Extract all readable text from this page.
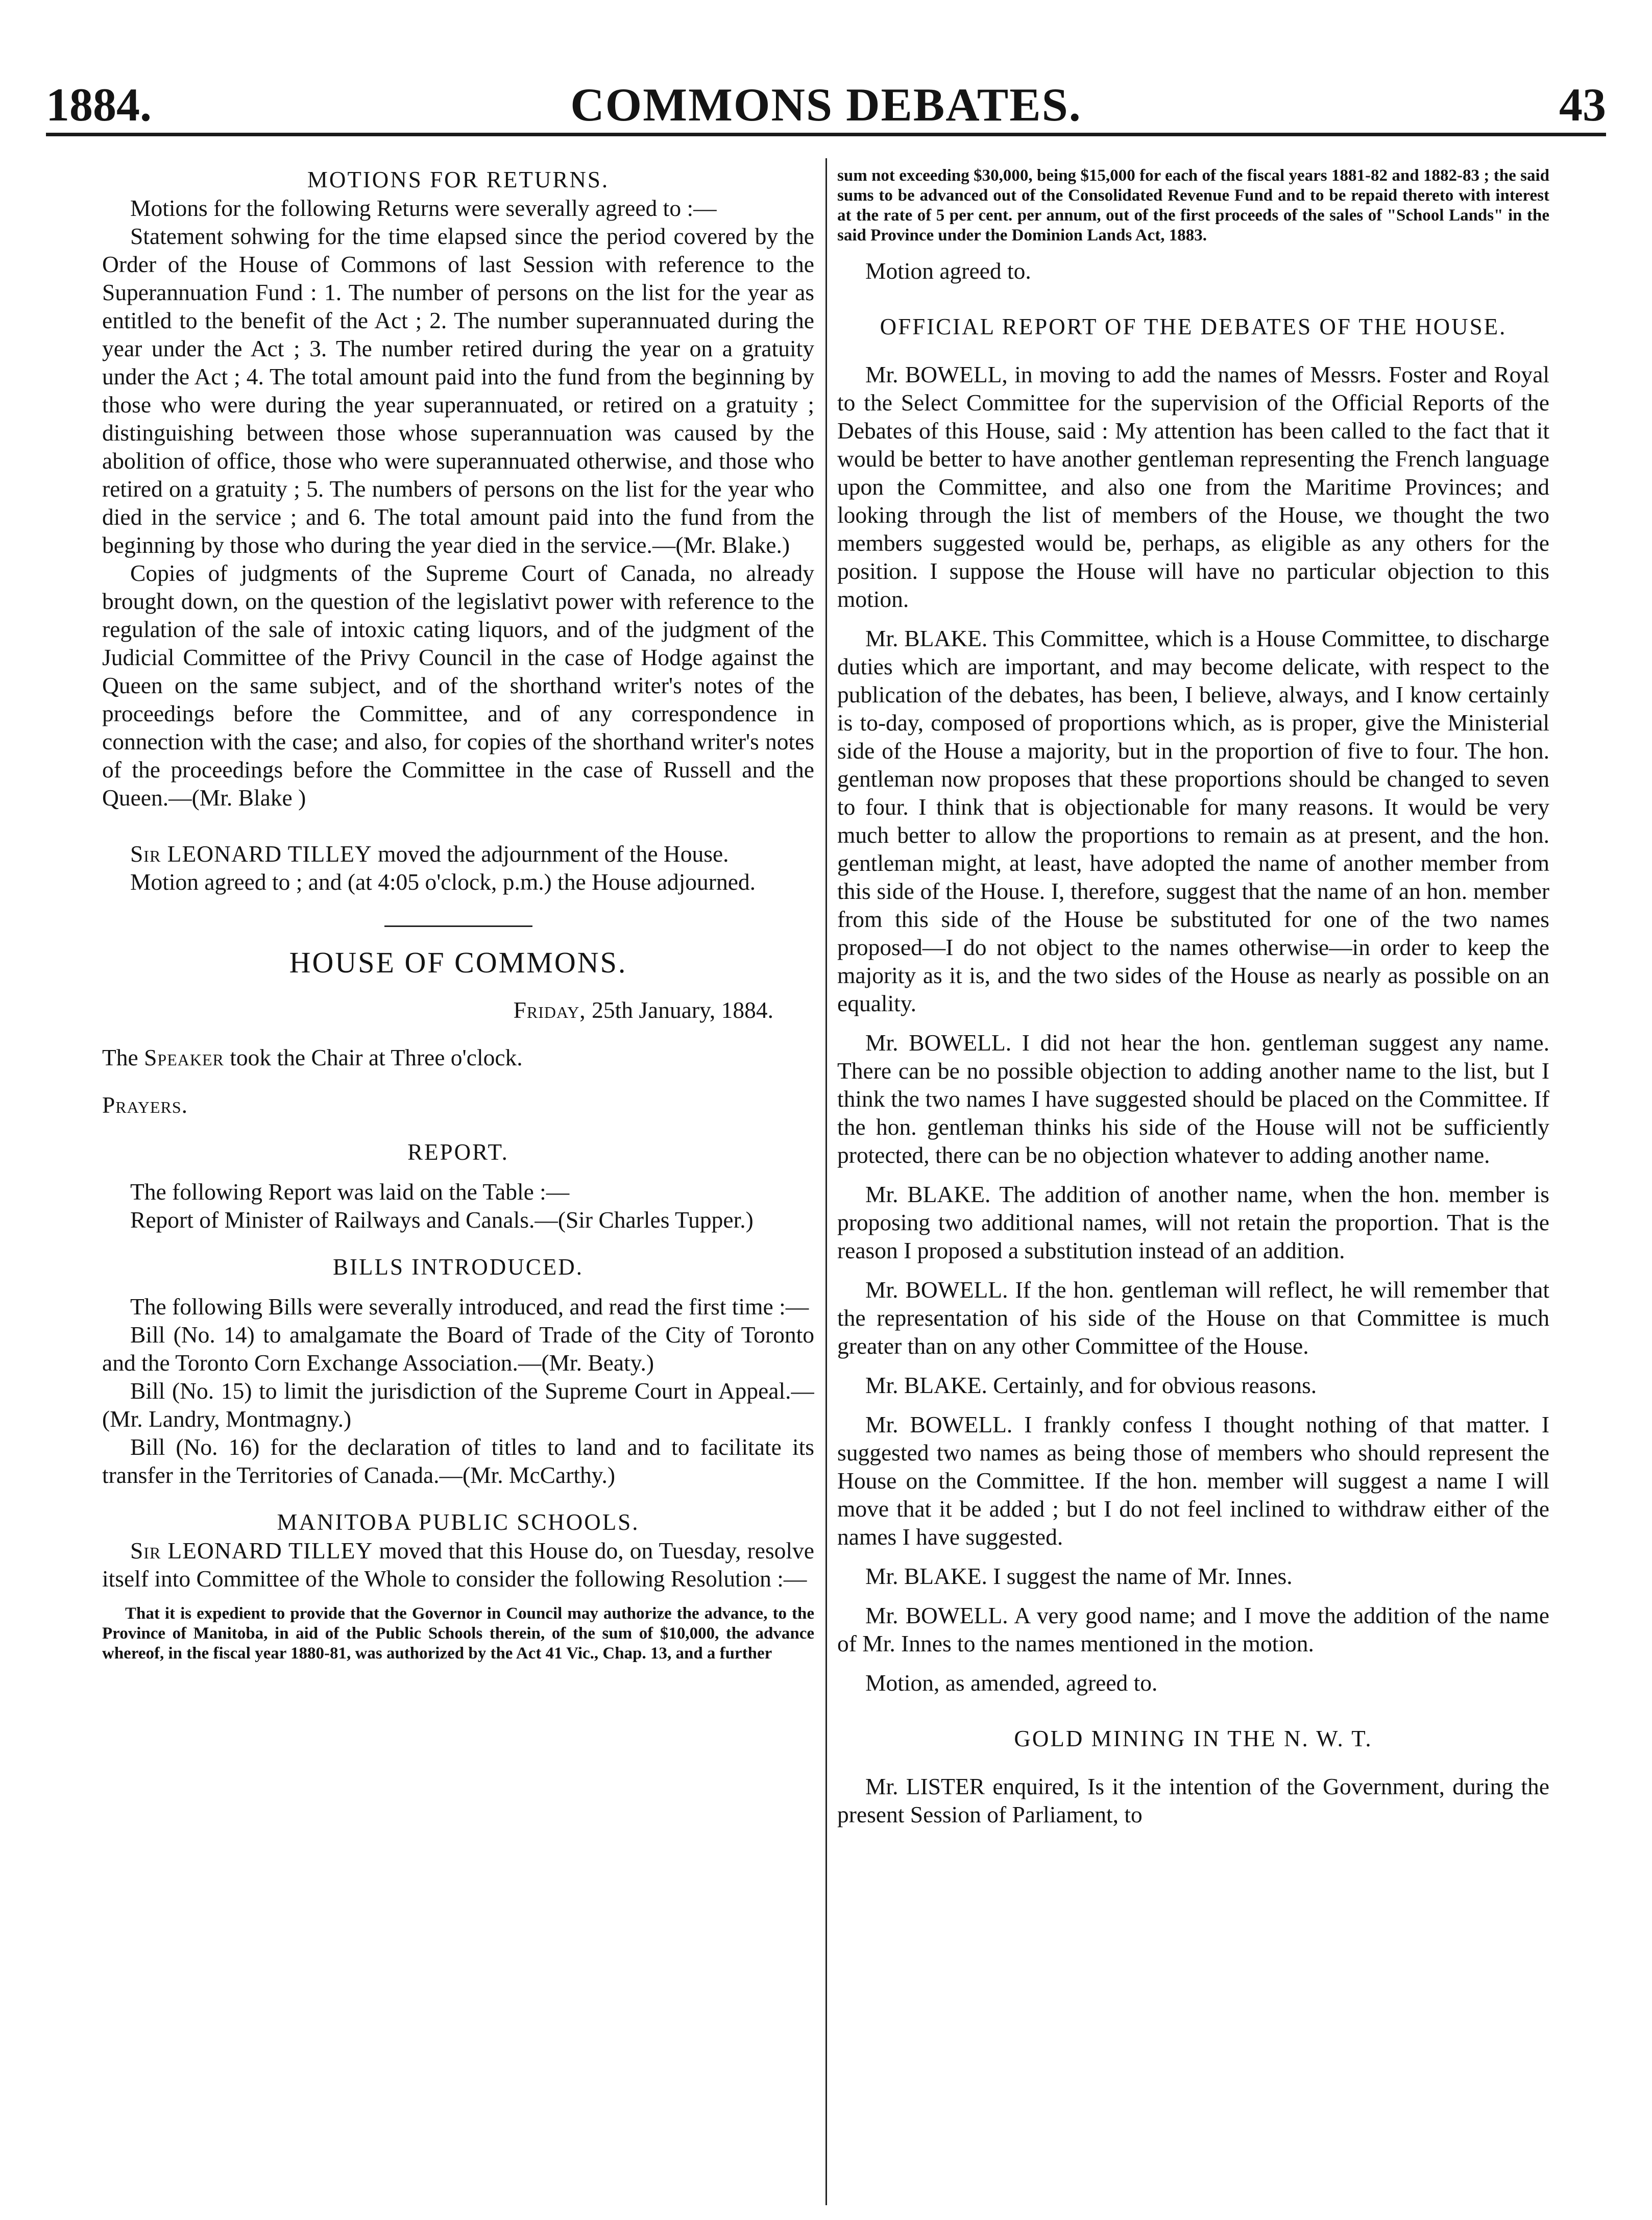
1884.	COMMONS DEBATES.	43

MOTIONS FOR RETURNS.

Motions for the following Returns were severally agreed to :—

Statement sohwing for the time elapsed since the period covered by the Order of the House of Commons of last Session with reference to the Superannuation Fund : 1. The number of persons on the list for the year as entitled to the benefit of the Act ; 2. The number superannuated during the year under the Act ; 3. The number retired during the year on a gratuity under the Act ; 4. The total amount paid into the fund from the beginning by those who were during the year superannuated, or retired on a gratuity ; distinguishing between those whose superannuation was caused by the abolition of office, those who were superannuated otherwise, and those who retired on a gratuity ; 5. The numbers of persons on the list for the year who died in the service ; and 6. The total amount paid into the fund from the beginning by those who during the year died in the service.—(Mr. Blake.)

Copies of judgments of the Supreme Court of Canada, no already brought down, on the question of the legislativt power with reference to the regulation of the sale of intoxic cating liquors, and of the judgment of the Judicial Committee of the Privy Council in the case of Hodge against the Queen on the same subject, and of the shorthand writer's notes of the proceedings before the Committee, and of any correspondence in connection with the case; and also, for copies of the shorthand writer's notes of the proceedings before the Committee in the case of Russell and the Queen.—(Mr. Blake )

Sir LEONARD TILLEY moved the adjournment of the House.

Motion agreed to ; and (at 4:05 o'clock, p.m.) the House adjourned.

HOUSE OF COMMONS.

Friday, 25th January, 1884.

The Speaker took the Chair at Three o'clock.

Prayers.

REPORT.

The following Report was laid on the Table :—

Report of Minister of Railways and Canals.—(Sir Charles Tupper.)

BILLS INTRODUCED.

The following Bills were severally introduced, and read the first time :—

Bill (No. 14) to amalgamate the Board of Trade of the City of Toronto and the Toronto Corn Exchange Association.—(Mr. Beaty.)

Bill (No. 15) to limit the jurisdiction of the Supreme Court in Appeal.—(Mr. Landry, Montmagny.)

Bill (No. 16) for the declaration of titles to land and to facilitate its transfer in the Territories of Canada.—(Mr. McCarthy.)

MANITOBA PUBLIC SCHOOLS.

Sir LEONARD TILLEY moved that this House do, on Tuesday, resolve itself into Committee of the Whole to consider the following Resolution :—

That it is expedient to provide that the Governor in Council may authorize the advance, to the Province of Manitoba, in aid of the Public Schools therein, of the sum of $10,000, the advance whereof, in the fiscal year 1880-81, was authorized by the Act 41 Vic., Chap. 13, and a further

sum not exceeding $30,000, being $15,000 for each of the fiscal years 1881-82 and 1882-83 ; the said sums to be advanced out of the Consolidated Revenue Fund and to be repaid thereto with interest at the rate of 5 per cent. per annum, out of the first proceeds of the sales of "School Lands" in the said Province under the Dominion Lands Act, 1883.

Motion agreed to.

OFFICIAL REPORT OF THE DEBATES OF THE HOUSE.

Mr. BOWELL, in moving to add the names of Messrs. Foster and Royal to the Select Committee for the supervision of the Official Reports of the Debates of this House, said : My attention has been called to the fact that it would be better to have another gentleman representing the French language upon the Committee, and also one from the Maritime Provinces; and looking through the list of members of the House, we thought the two members suggested would be, perhaps, as eligible as any others for the position. I suppose the House will have no particular objection to this motion.

Mr. BLAKE. This Committee, which is a House Committee, to discharge duties which are important, and may become delicate, with respect to the publication of the debates, has been, I believe, always, and I know certainly is to-day, composed of proportions which, as is proper, give the Ministerial side of the House a majority, but in the proportion of five to four. The hon. gentleman now proposes that these proportions should be changed to seven to four. I think that is objectionable for many reasons. It would be very much better to allow the proportions to remain as at present, and the hon. gentleman might, at least, have adopted the name of another member from this side of the House. I, therefore, suggest that the name of an hon. member from this side of the House be substituted for one of the two names proposed—I do not object to the names otherwise—in order to keep the majority as it is, and the two sides of the House as nearly as possible on an equality.

Mr. BOWELL. I did not hear the hon. gentleman suggest any name. There can be no possible objection to adding another name to the list, but I think the two names I have suggested should be placed on the Committee. If the hon. gentleman thinks his side of the House will not be sufficiently protected, there can be no objection whatever to adding another name.

Mr. BLAKE. The addition of another name, when the hon. member is proposing two additional names, will not retain the proportion. That is the reason I proposed a substitution instead of an addition.

Mr. BOWELL. If the hon. gentleman will reflect, he will remember that the representation of his side of the House on that Committee is much greater than on any other Committee of the House.

Mr. BLAKE. Certainly, and for obvious reasons.

Mr. BOWELL. I frankly confess I thought nothing of that matter. I suggested two names as being those of members who should represent the House on the Committee. If the hon. member will suggest a name I will move that it be added ; but I do not feel inclined to withdraw either of the names I have suggested.

Mr. BLAKE. I suggest the name of Mr. Innes.

Mr. BOWELL. A very good name; and I move the addition of the name of Mr. Innes to the names mentioned in the motion.

Motion, as amended, agreed to.

GOLD MINING IN THE N. W. T.

Mr. LISTER enquired, Is it the intention of the Government, during the present Session of Parliament, to
